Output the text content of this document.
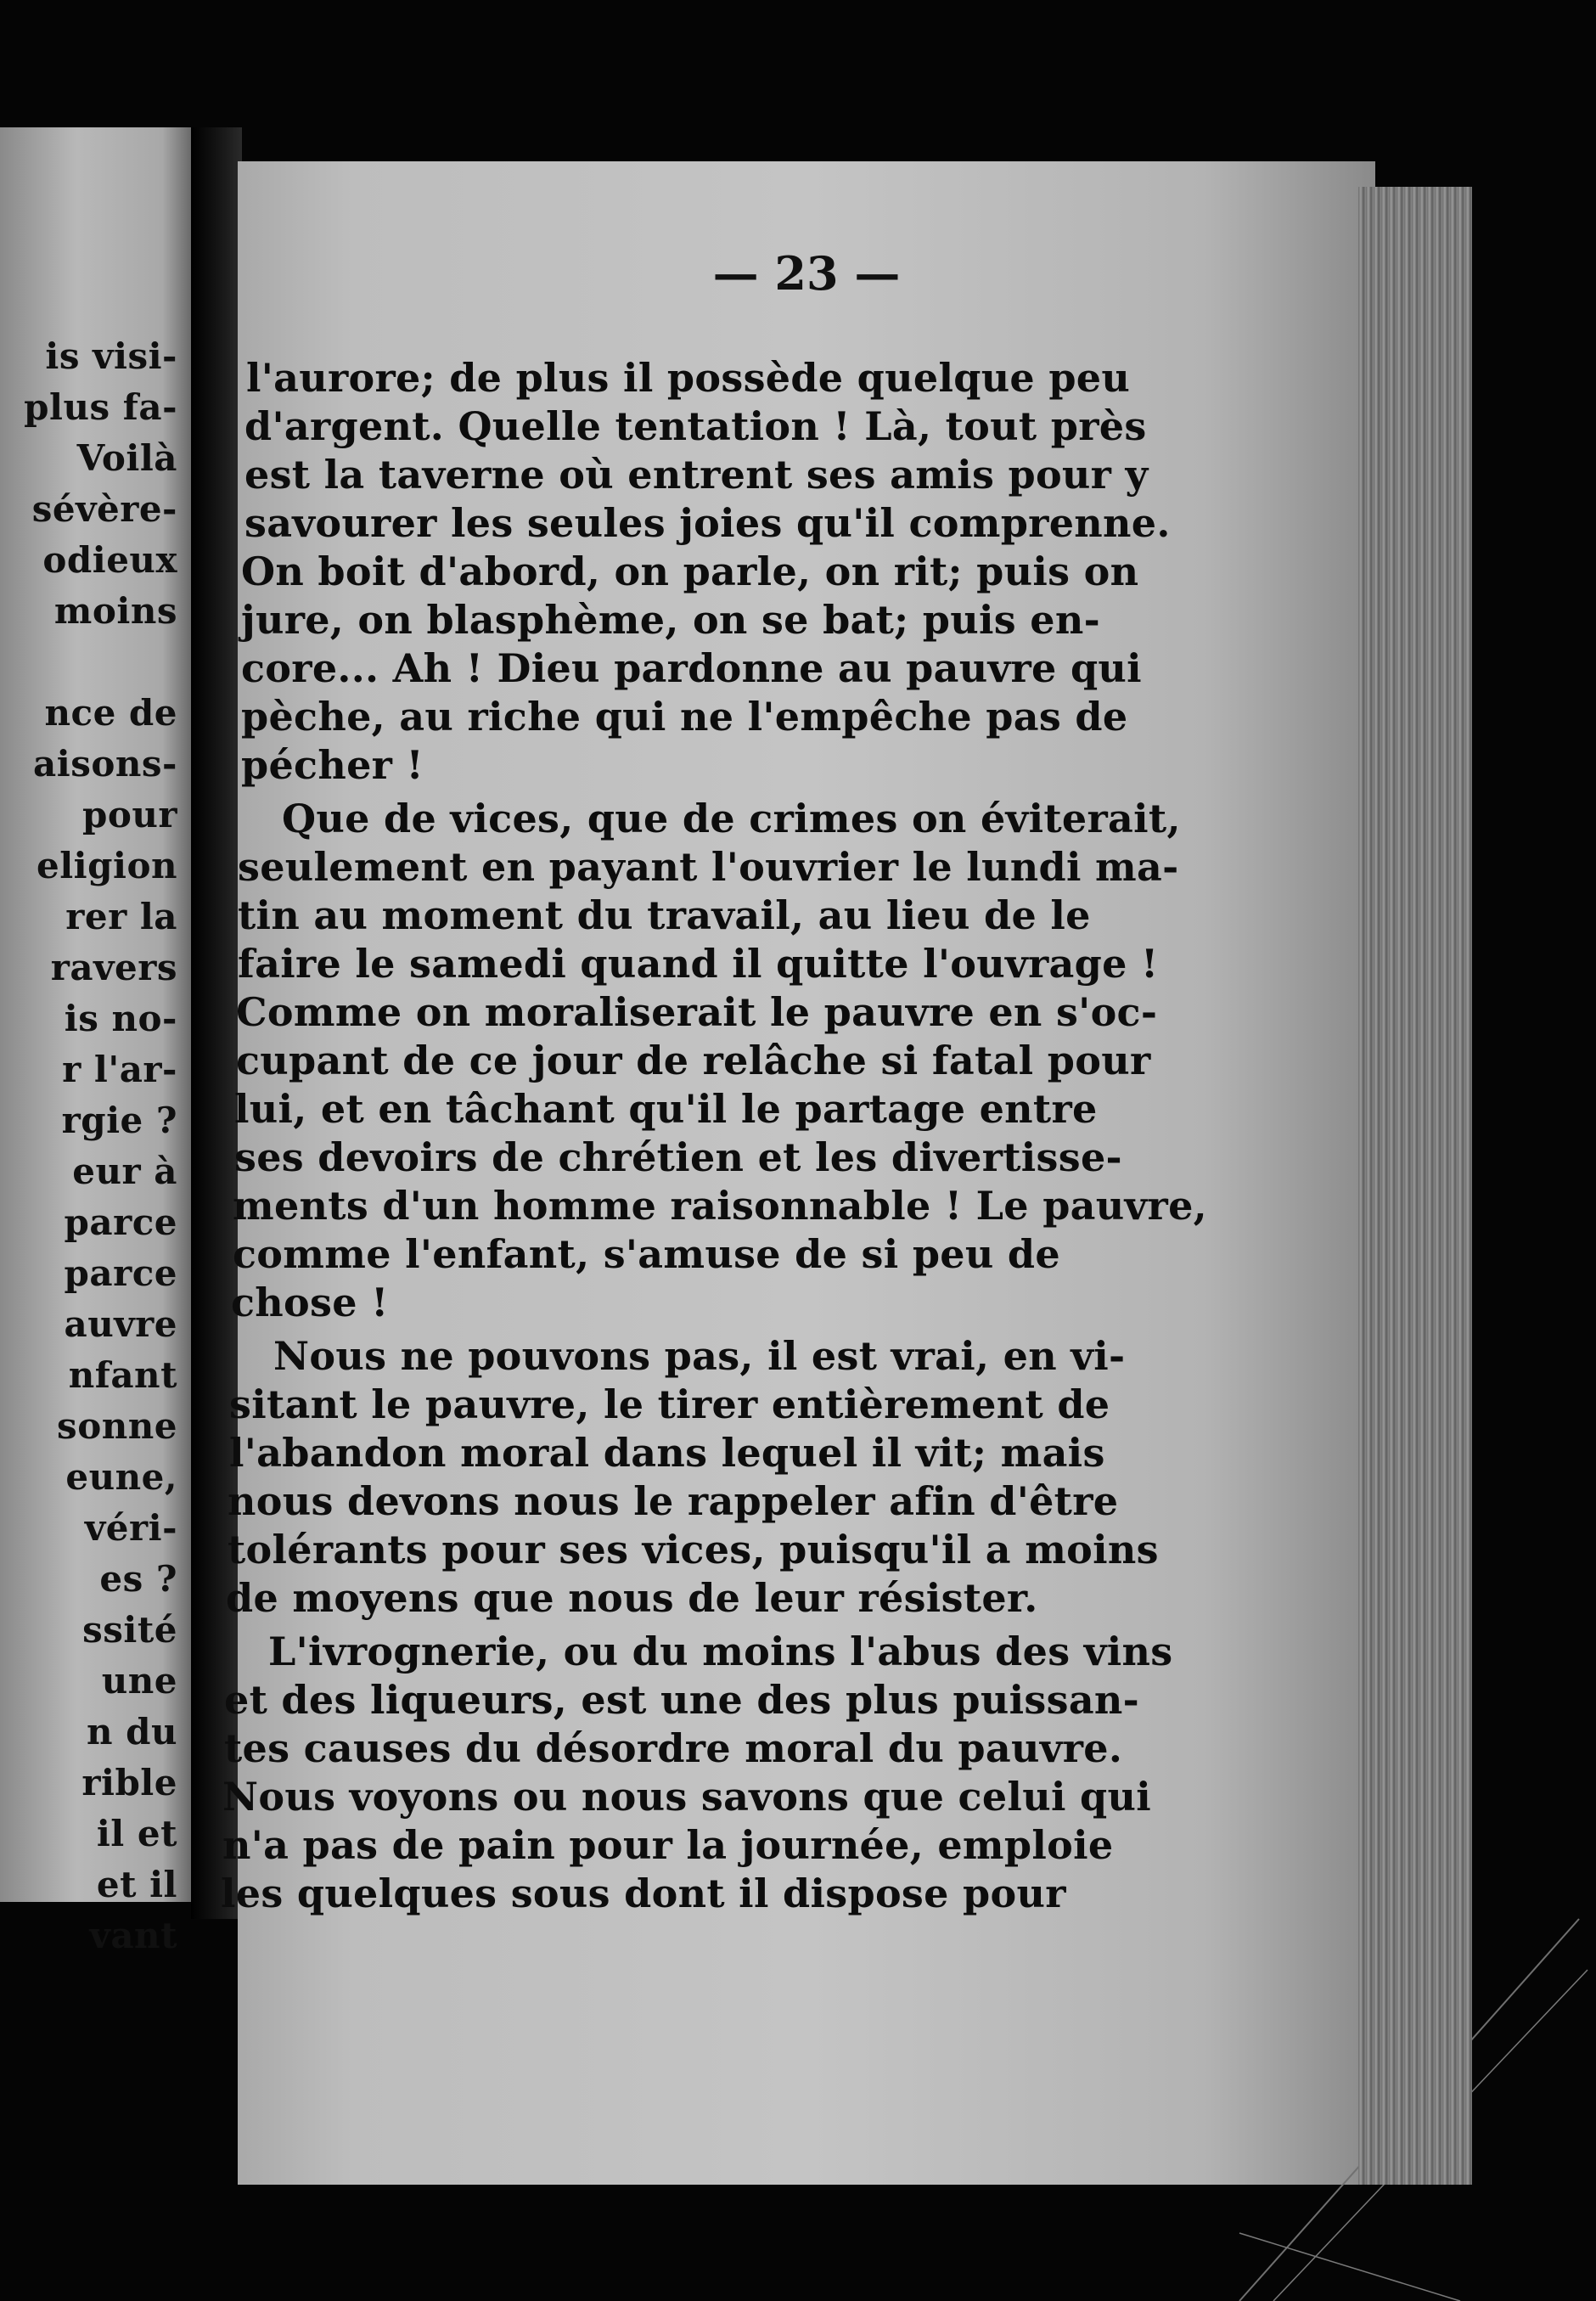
is visi-
plus fa-
Voilà
sévère-
odieux
moins
nce de
aisons-
pour
eligion
rer la
ravers
is no-
r l'ar-
rgie ?
eur à
parce
parce
auvre
nfant
sonne
eune,
véri-
es ?
ssité
une
n du
rible
il et
et il
vant
— 23 —
l'aurore; de plus il possède quelque peu
d'argent. Quelle tentation ! Là, tout près
est la taverne où entrent ses amis pour y
savourer les seules joies qu'il comprenne.
On boit d'abord, on parle, on rit; puis on
jure, on blasphème, on se bat; puis en-
core... Ah ! Dieu pardonne au pauvre qui
pèche, au riche qui ne l'empêche pas de
pécher !
Que de vices, que de crimes on éviterait,
seulement en payant l'ouvrier le lundi ma-
tin au moment du travail, au lieu de le
faire le samedi quand il quitte l'ouvrage !
Comme on moraliserait le pauvre en s'oc-
cupant de ce jour de relâche si fatal pour
lui, et en tâchant qu'il le partage entre
ses devoirs de chrétien et les divertisse-
ments d'un homme raisonnable ! Le pauvre,
comme l'enfant, s'amuse de si peu de
chose !
Nous ne pouvons pas, il est vrai, en vi-
sitant le pauvre, le tirer entièrement de
l'abandon moral dans lequel il vit; mais
nous devons nous le rappeler afin d'être
tolérants pour ses vices, puisqu'il a moins
de moyens que nous de leur résister.
L'ivrognerie, ou du moins l'abus des vins
et des liqueurs, est une des plus puissan-
tes causes du désordre moral du pauvre.
Nous voyons ou nous savons que celui qui
n'a pas de pain pour la journée, emploie
les quelques sous dont il dispose pour
